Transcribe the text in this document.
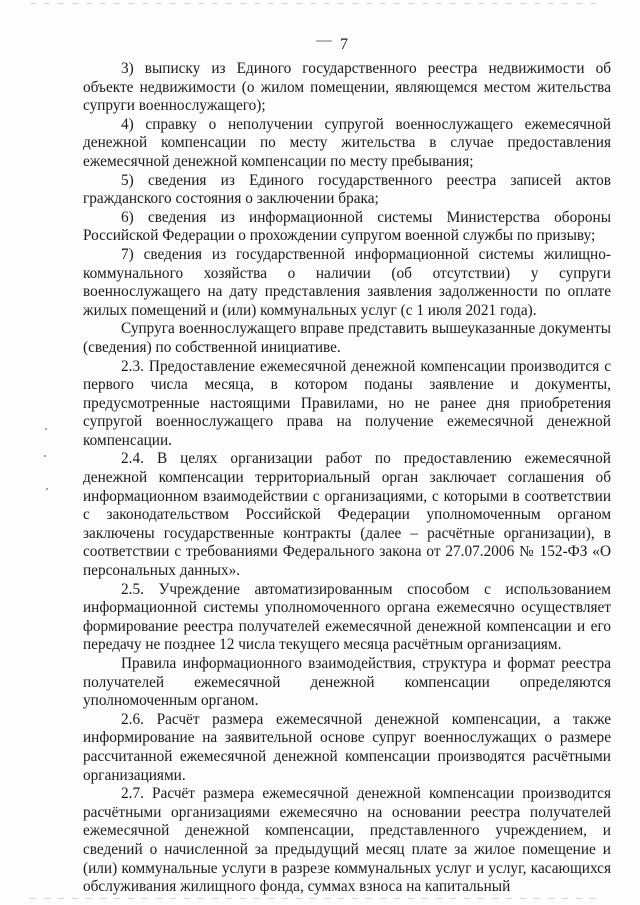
7

3) выписку из Единого государственного реестра недвижимости об объекте недвижимости (о жилом помещении, являющемся местом жительства супруги военнослужащего);

4) справку о неполучении супругой военнослужащего ежемесячной денежной компенсации по месту жительства в случае предоставления ежемесячной денежной компенсации по месту пребывания;

5) сведения из Единого государственного реестра записей актов гражданского состояния о заключении брака;

6) сведения из информационной системы Министерства обороны Российской Федерации о прохождении супругом военной службы по призыву;

7) сведения из государственной информационной системы жилищно-коммунального хозяйства о наличии (об отсутствии) у супруги военнослужащего на дату представления заявления задолженности по оплате жилых помещений и (или) коммунальных услуг (с 1 июля 2021 года).

Супруга военнослужащего вправе представить вышеуказанные документы (сведения) по собственной инициативе.

2.3. Предоставление ежемесячной денежной компенсации производится с первого числа месяца, в котором поданы заявление и документы, предусмотренные настоящими Правилами, но не ранее дня приобретения супругой военнослужащего права на получение ежемесячной денежной компенсации.

2.4. В целях организации работ по предоставлению ежемесячной денежной компенсации территориальный орган заключает соглашения об информационном взаимодействии с организациями, с которыми в соответствии с законодательством Российской Федерации уполномоченным органом заключены государственные контракты (далее – расчётные организации), в соответствии с требованиями Федерального закона от 27.07.2006 № 152-ФЗ «О персональных данных».

2.5. Учреждение автоматизированным способом с использованием информационной системы уполномоченного органа ежемесячно осуществляет формирование реестра получателей ежемесячной денежной компенсации и его передачу не позднее 12 числа текущего месяца расчётным организациям.

Правила информационного взаимодействия, структура и формат реестра получателей ежемесячной денежной компенсации определяются уполномоченным органом.

2.6. Расчёт размера ежемесячной денежной компенсации, а также информирование на заявительной основе супруг военнослужащих о размере рассчитанной ежемесячной денежной компенсации производятся расчётными организациями.

2.7. Расчёт размера ежемесячной денежной компенсации производится расчётными организациями ежемесячно на основании реестра получателей ежемесячной денежной компенсации, представленного учреждением, и сведений о начисленной за предыдущий месяц плате за жилое помещение и (или) коммунальные услуги в разрезе коммунальных услуг и услуг, касающихся обслуживания жилищного фонда, суммах взноса на капитальный
